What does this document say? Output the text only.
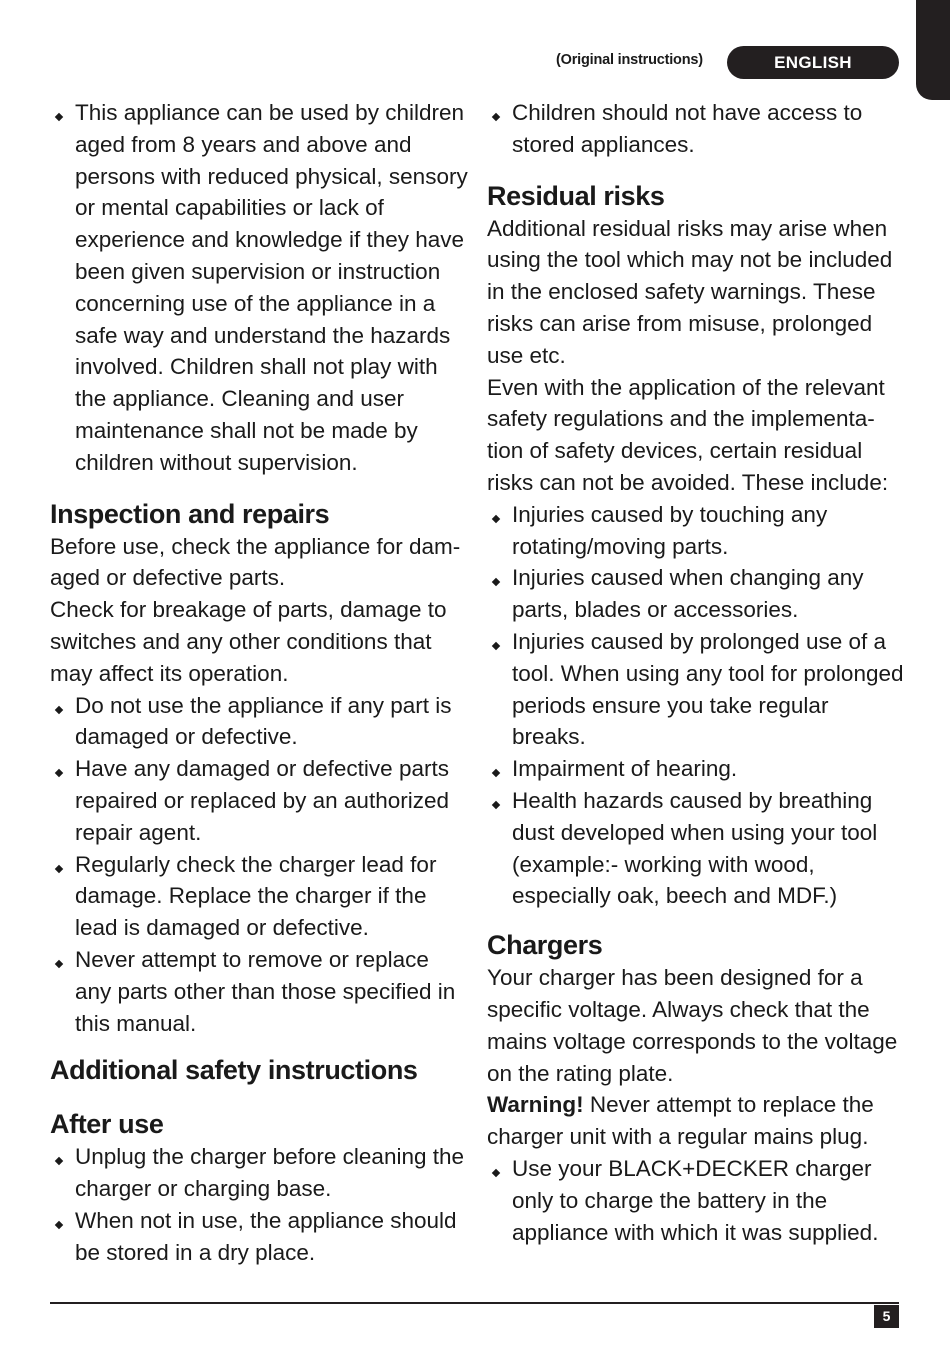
(Original instructions)	ENGLISH
This appliance can be used by children aged from 8 years and above and persons with reduced physical, sensory or mental capabilities or lack of experience and knowledge if they have been given supervision or instruction concerning use of the appliance in a safe way and understand the hazards involved. Children shall not play with the appliance. Cleaning and user maintenance shall not be made by children without supervision.
Inspection and repairs

Before use, check the appliance for dam-aged or defective parts.

Check for breakage of parts, damage to switches and any other conditions that may affect its operation.

Do not use the appliance if any part is damaged or defective.
Have any damaged or defective parts repaired or replaced by an authorized repair agent.
Regularly check the charger lead for damage. Replace the charger if the lead is damaged or defective.
Never attempt to remove or replace any parts other than those specified in this manual.
Additional safety instructions
After use
Unplug the charger before cleaning the charger or charging base.
When not in use, the appliance should be stored in a dry place.
Children should not have access to stored appliances.
Residual risks

Additional residual risks may arise when using the tool which may not be included in the enclosed safety warnings. These risks can arise from misuse, prolonged use etc.

Even with the application of the relevant safety regulations and the implementa-tion of safety devices, certain residual risks can not be avoided. These include:

Injuries caused by touching any rotating/moving parts.
Injuries caused when changing any parts, blades or accessories.
Injuries caused by prolonged use of a tool. When using any tool for prolonged periods ensure you take regular breaks.
Impairment of hearing.
Health hazards caused by breathing dust developed when using your tool (example:- working with wood, especially oak, beech and MDF.)
Chargers

Your charger has been designed for a specific voltage. Always check that the mains voltage corresponds to the voltage on the rating plate.

Warning! Never attempt to replace the charger unit with a regular mains plug.

Use your BLACK+DECKER charger only to charge the battery in the appliance with which it was supplied.
5
